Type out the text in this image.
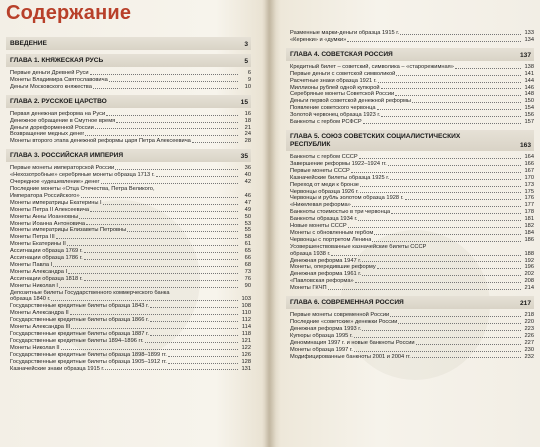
Содержание
ВВЕДЕНИЕ	3
ГЛАВА 1. КНЯЖЕСКАЯ РУСЬ	5
Первые деньги Древней Руси	6
Монеты Владимира Святославовича	9
Деньги Московского княжества	10
ГЛАВА 2. РУССКОЕ ЦАРСТВО	15
Первая денежная реформа на Руси	16
Денежное обращение в Смутное время	18
Деньги дореформенной России	21
Возвращение медных денег	24
Монеты второго этапа денежной реформы царя Петра Алексеевича	28
ГЛАВА 3. РОССИЙСКАЯ ИМПЕРИЯ	35
Первые монеты императорской России	36
«Нехозотробные» серебряные монеты образца 1713 г.	40
Очередное «удешевление» денег	42
Последние монеты «Отца Отечества, Петра Великого,
Императора Российского»	46
Монеты императрицы Екатерины I	47
Монеты Петра II Алексеевича	49
Монеты Анны Иоанновны	50
Монеты Иоанна Антоновича	53
Монеты императрицы Елизаветы Петровны	55
Монеты Петра III	58
Монеты Екатерины II	61
Ассигнации образца 1769 г.	65
Ассигнации образца 1786 г.	66
Монеты Павла I	68
Монеты Александра I	73
Ассигнации образца 1818 г.	76
Монеты Николая I	90
Депозитные билеты Государственного коммерческого банка
образца 1840 г.	103
Государственные кредитные билеты образца 1843 г.	108
Монеты Александра II	110
Государственные кредитные билеты образца 1866 г.	112
Монеты Александра III	114
Государственные кредитные билеты образца 1887 г.	118
Государственные кредитные билеты 1894–1896 гг.	121
Монеты Николая II	122
Государственные кредитные билеты образца 1898–1899 гг.	126
Государственные кредитные билеты образца 1905–1912 гг.	128
Казначейские знаки образца 1915 г.	131
Разменные марки-деньги образца 1915 г.	133
«Керенки» и «думки»	134
ГЛАВА 4. СОВЕТСКАЯ РОССИЯ	137
Кредитный билет – советский, символика – «старорежимная»	138
Первые деньги с советской символикой	141
Расчетные знаки образца 1921 г.	144
Миллионы рублей одной купюрой	146
Серебряные монеты Советской России	148
Деньги первой советской денежной реформы	150
Появление советского червонца	154
Золотой червонец образца 1923 г.	156
Банкноты с гербом РСФСР	157
ГЛАВА 5. СОЮЗ СОВЕТСКИХ СОЦИАЛИСТИЧЕСКИХ РЕСПУБЛИК	163
Банкноты с гербом СССР	164
Завершение реформы 1922–1924 гг.	166
Первые монеты СССР	167
Казначейские билеты образца 1925 г.	170
Переход от меди к бронзе	173
Червонцы образца 1926 г.	175
Червонцы и рубль золотом образца 1928 г.	176
«Никелевая реформа»	177
Банкноты стоимостью в три червонца	178
Банкноты образца 1934 г.	181
Новые монеты СССР	182
Монеты с обновленным гербом	184
Червонцы с портретом Ленина	186
Усовершенствованные казначейские билеты СССР
образца 1938 г.	188
Денежная реформа 1947 г.	192
Монеты, опередившие реформу	196
Денежная реформа 1961 г.	202
«Павловская реформа»	208
Монеты ГКЧП	214
ГЛАВА 6. СОВРЕМЕННАЯ РОССИЯ	217
Первые монеты современной России	218
Последние «советские» денежки России	220
Денежная реформа 1993 г.	223
Купюры образца 1995 г.	226
Деноминация 1997 г. и новые банкноты России	227
Монеты образца 1997 г.	230
Модифицированные банкноты 2001 и 2004 гг.	232
